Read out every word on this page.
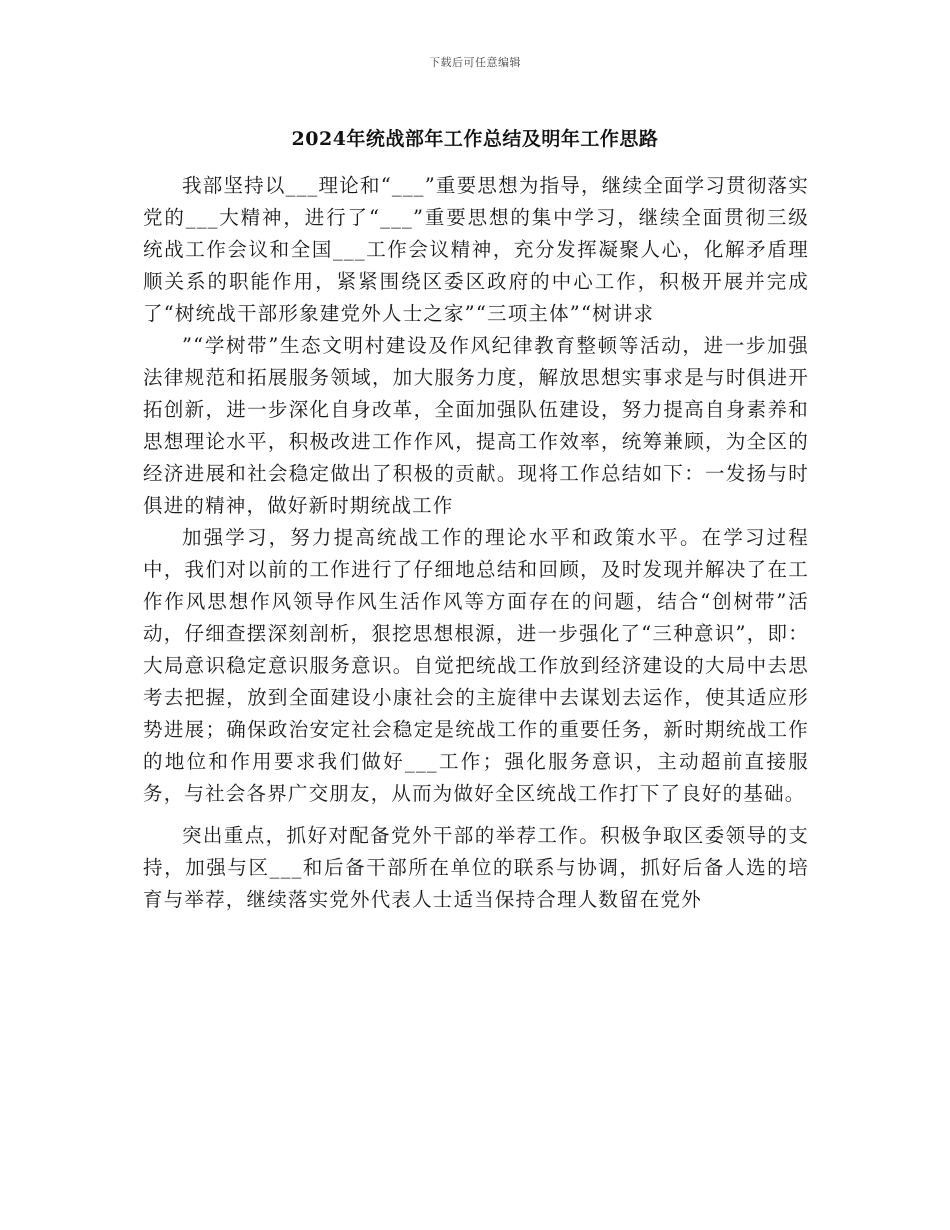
下载后可任意编辑
2024年统战部年工作总结及明年工作思路

我部坚持以___理论和“___”重要思想为指导，继续全面学习贯彻落实党的___大精神，进行了“___”重要思想的集中学习，继续全面贯彻三级统战工作会议和全国___工作会议精神，充分发挥凝聚人心，化解矛盾理顺关系的职能作用，紧紧围绕区委区政府的中心工作，积极开展并完成了“树统战干部形象建党外人士之家”“三项主体”“树讲求

”“学树带”生态文明村建设及作风纪律教育整顿等活动，进一步加强法律规范和拓展服务领域，加大服务力度，解放思想实事求是与时俱进开拓创新，进一步深化自身改革，全面加强队伍建设，努力提高自身素养和思想理论水平，积极改进工作作风，提高工作效率，统筹兼顾，为全区的经济进展和社会稳定做出了积极的贡献。现将工作总结如下：一发扬与时俱进的精神，做好新时期统战工作

加强学习，努力提高统战工作的理论水平和政策水平。在学习过程中，我们对以前的工作进行了仔细地总结和回顾，及时发现并解决了在工作作风思想作风领导作风生活作风等方面存在的问题，结合“创树带”活动，仔细查摆深刻剖析，狠挖思想根源，进一步强化了“三种意识”，即：大局意识稳定意识服务意识。自觉把统战工作放到经济建设的大局中去思考去把握，放到全面建设小康社会的主旋律中去谋划去运作，使其适应形势进展；确保政治安定社会稳定是统战工作的重要任务，新时期统战工作的地位和作用要求我们做好___工作；强化服务意识，主动超前直接服务，与社会各界广交朋友，从而为做好全区统战工作打下了良好的基础。

突出重点，抓好对配备党外干部的举荐工作。积极争取区委领导的支持，加强与区___和后备干部所在单位的联系与协调，抓好后备人选的培育与举荐，继续落实党外代表人士适当保持合理人数留在党外
